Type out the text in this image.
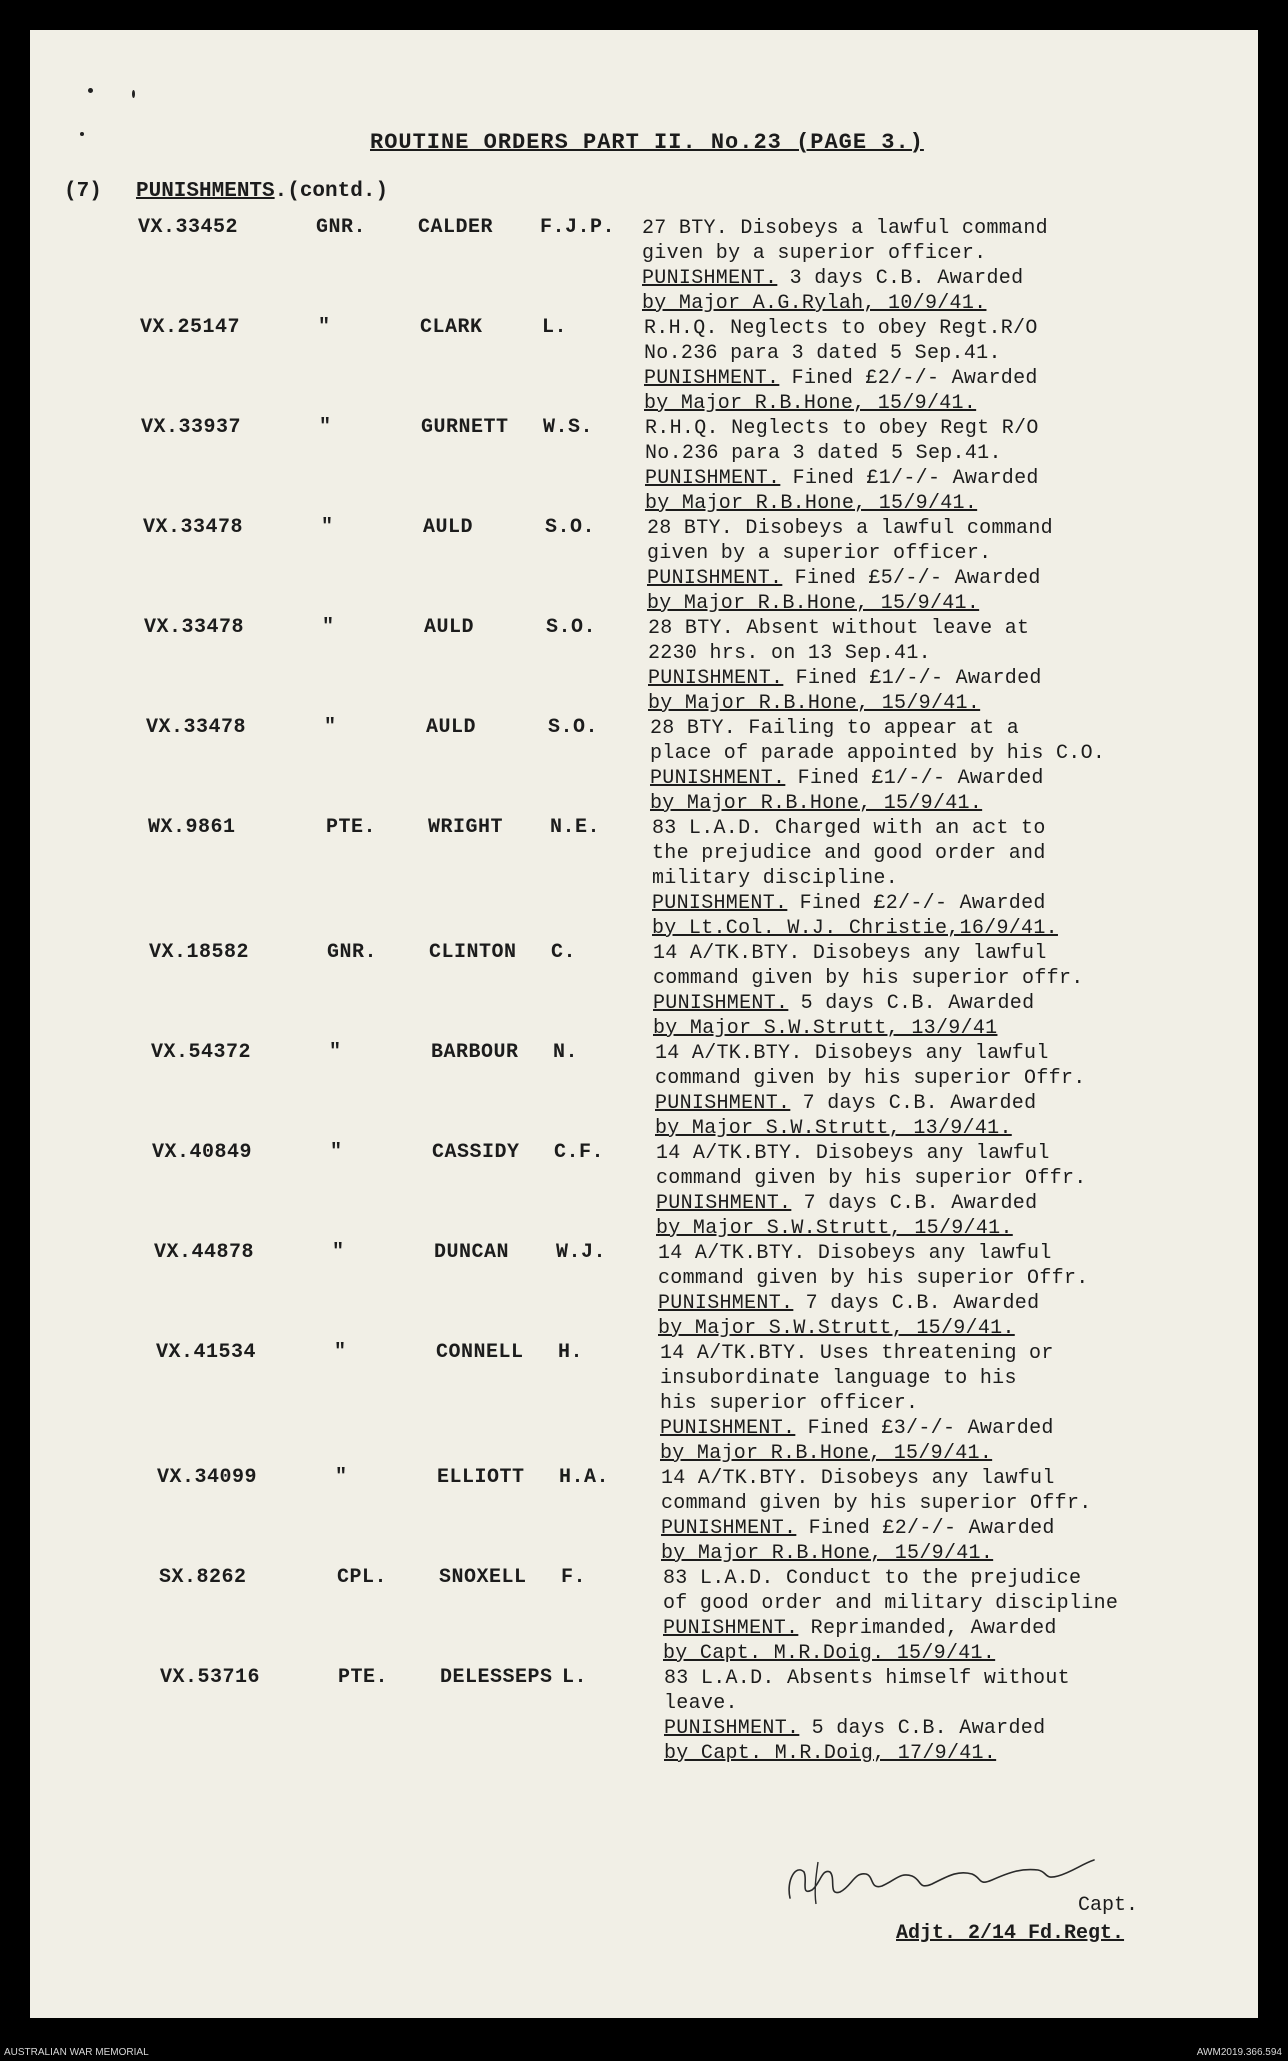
ROUTINE ORDERS PART II. No.23 (PAGE 3.)
(7) PUNISHMENTS.(contd.)
VX.33452	GNR.	CALDER F.J.P. 27 BTY. Disobeys a lawful command
given by a superior officer.
PUNISHMENT. 3 days C.B. Awarded
by Major A.G.Rylah, 10/9/41.
VX.25147	"	CLARK	L.	R.H.Q. Neglects to obey Regt.R/O
No.236 para 3 dated 5 Sep.41.
PUNISHMENT. Fined £2/-/- Awarded
by Major R.B.Hone, 15/9/41.
VX.33937	"	GURNETT W.S.	R.H.Q. Neglects to obey Regt R/O
No.236 para 3 dated 5 Sep.41.
PUNISHMENT. Fined £1/-/- Awarded
by Major R.B.Hone, 15/9/41.
VX.33478	"	AULD	S.O.	28 BTY. Disobeys a lawful command
given by a superior officer.
PUNISHMENT. Fined £5/-/- Awarded
by Major R.B.Hone, 15/9/41.
VX.33478	"	AULD	S.O.	28 BTY. Absent without leave at
2230 hrs. on 13 Sep.41.
PUNISHMENT. Fined £1/-/- Awarded
by Major R.B.Hone, 15/9/41.
VX.33478	"	AULD	S.O.	28 BTY. Failing to appear at a
place of parade appointed by his C.O.
PUNISHMENT. Fined £1/-/- Awarded
by Major R.B.Hone, 15/9/41.
WX.9861	PTE.	WRIGHT N.E.	83 L.A.D. Charged with an act to
the prejudice and good order and
military discipline.
PUNISHMENT. Fined £2/-/- Awarded
by Lt.Col. W.J. Christie,16/9/41.
VX.18582	GNR.	CLINTON C.	14 A/TK.BTY. Disobeys any lawful
command given by his superior offr.
PUNISHMENT. 5 days C.B. Awarded
by Major S.W.Strutt, 13/9/41
VX.54372	"	BARBOUR N.	14 A/TK.BTY. Disobeys any lawful
command given by his superior Offr.
PUNISHMENT. 7 days C.B. Awarded
by Major S.W.Strutt, 13/9/41.
VX.40849	"	CASSIDY C.F.	14 A/TK.BTY. Disobeys any lawful
command given by his superior Offr.
PUNISHMENT. 7 days C.B. Awarded
by Major S.W.Strutt, 15/9/41.
VX.44878	"	DUNCAN W.J.	14 A/TK.BTY. Disobeys any lawful
command given by his superior Offr.
PUNISHMENT. 7 days C.B. Awarded
by Major S.W.Strutt, 15/9/41.
VX.41534	"	CONNELL H.	14 A/TK.BTY. Uses threatening or
insubordinate language to his
his superior officer.
PUNISHMENT. Fined £3/-/- Awarded
by Major R.B.Hone, 15/9/41.
VX.34099	"	ELLIOTT H.A.	14 A/TK.BTY. Disobeys any lawful
command given by his superior Offr.
PUNISHMENT. Fined £2/-/- Awarded
by Major R.B.Hone, 15/9/41.
SX.8262	CPL.	SNOXELL F.	83 L.A.D. Conduct to the prejudice
of good order and military discipline
PUNISHMENT. Reprimanded, Awarded
by Capt. M.R.Doig. 15/9/41.
VX.53716	PTE.	DELESSEPS L.	83 L.A.D. Absents himself without
leave.
PUNISHMENT. 5 days C.B. Awarded
by Capt. M.R.Doig, 17/9/41.
Capt.
Adjt. 2/14 Fd.Regt.
AUSTRALIAN WAR MEMORIAL	AWM2019.366.594
